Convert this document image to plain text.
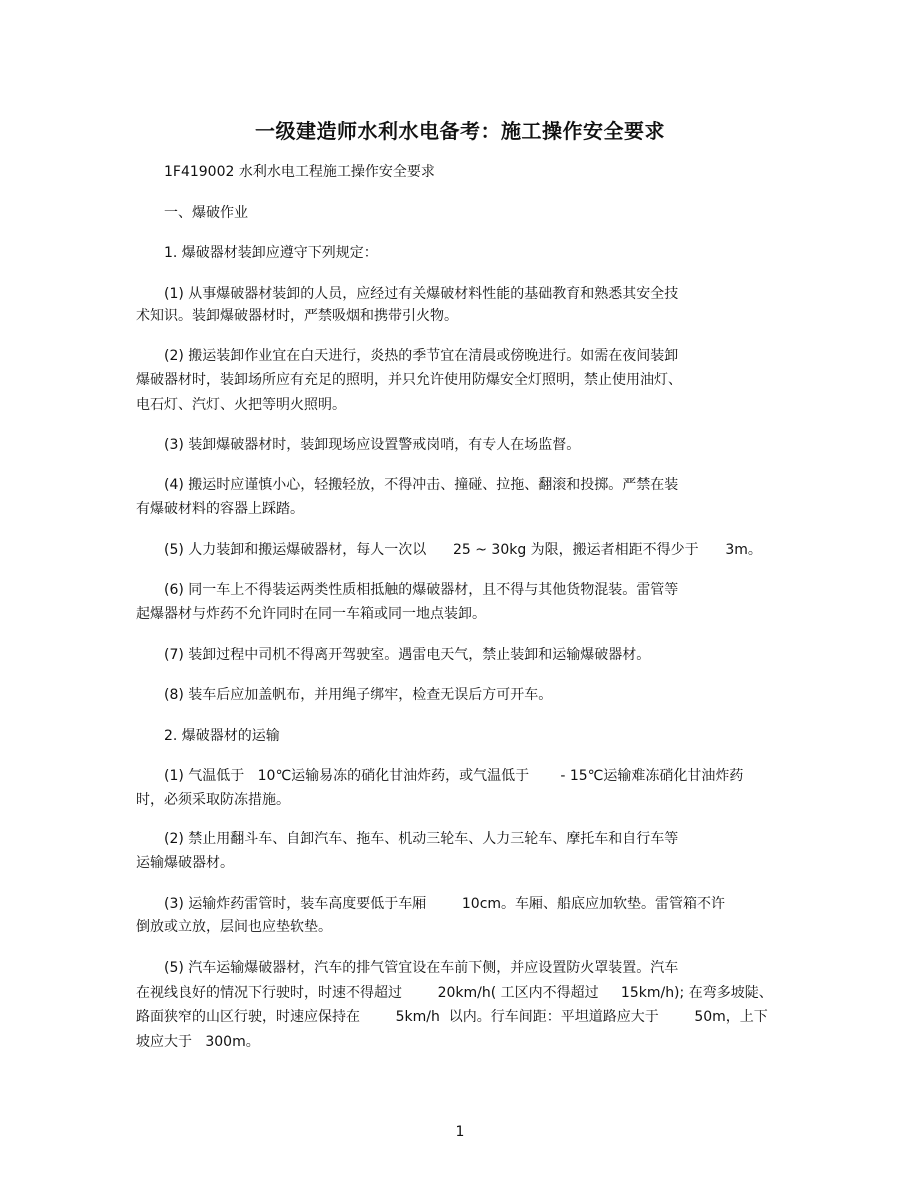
一级建造师水利水电备考：施工操作安全要求
1F419002 水利水电工程施工操作安全要求
一、爆破作业
1. 爆破器材装卸应遵守下列规定：
(1) 从事爆破器材装卸的人员，应经过有关爆破材料性能的基础教育和熟悉其安全技
术知识。装卸爆破器材时，严禁吸烟和携带引火物。
(2) 搬运装卸作业宜在白天进行，炎热的季节宜在清晨或傍晚进行。如需在夜间装卸
爆破器材时，装卸场所应有充足的照明，并只允许使用防爆安全灯照明，禁止使用油灯、
电石灯、汽灯、火把等明火照明。
(3) 装卸爆破器材时，装卸现场应设置警戒岗哨，有专人在场监督。
(4) 搬运时应谨慎小心，轻搬轻放，不得冲击、撞碰、拉拖、翻滚和投掷。严禁在装
有爆破材料的容器上踩踏。
(5) 人力装卸和搬运爆破器材，每人一次以      25 ~ 30kg 为限，搬运者相距不得少于      3m。
(6) 同一车上不得装运两类性质相抵触的爆破器材，且不得与其他货物混装。雷管等
起爆器材与炸药不允许同时在同一车箱或同一地点装卸。
(7) 装卸过程中司机不得离开驾驶室。遇雷电天气，禁止装卸和运输爆破器材。
(8) 装车后应加盖帆布，并用绳子绑牢，检查无误后方可开车。
2. 爆破器材的运输
(1) 气温低于   10℃运输易冻的硝化甘油炸药，或气温低于       - 15℃运输难冻硝化甘油炸药
时，必须采取防冻措施。
(2) 禁止用翻斗车、自卸汽车、拖车、机动三轮车、人力三轮车、摩托车和自行车等
运输爆破器材。
(3) 运输炸药雷管时，装车高度要低于车厢        10cm。车厢、船底应加软垫。雷管箱不许
倒放或立放，层间也应垫软垫。
(5) 汽车运输爆破器材，汽车的排气管宜设在车前下侧，并应设置防火罩装置。汽车
在视线良好的情况下行驶时，时速不得超过        20km/h( 工区内不得超过     15km/h); 在弯多坡陡、
路面狭窄的山区行驶，时速应保持在        5km/h  以内。行车间距：平坦道路应大于        50m，上下
坡应大于   300m。
1
